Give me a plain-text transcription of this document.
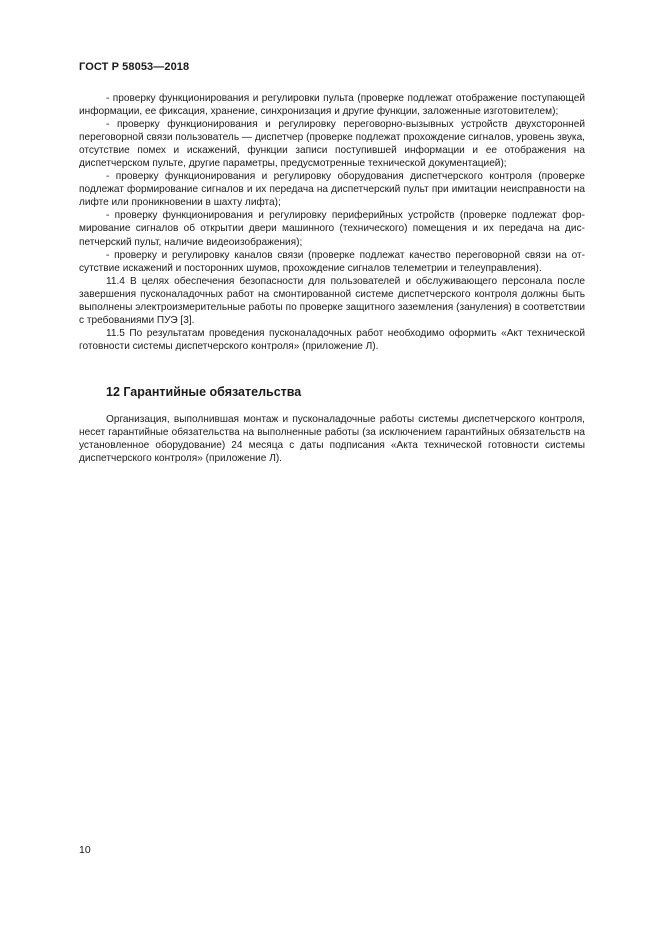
ГОСТ Р 58053—2018

- проверку функционирования и регулировки пульта (проверке подлежат отображение поступающей информации, ее фиксация, хранение, синхронизация и другие функции, заложенные изготовителем);

- проверку функционирования и регулировку переговорно-вызывных устройств двухсторонней переговорной связи пользователь — диспетчер (проверке подлежат прохождение сигналов, уровень звука, отсутствие помех и искажений, функции записи поступившей информации и ее отображения на диспетчерском пульте, другие параметры, предусмотренные технической документацией);

- проверку функционирования и регулировку оборудования диспетчерского контроля (проверке подлежат формирование сигналов и их передача на диспетчерский пульт при имитации неисправности на лифте или проникновении в шахту лифта);

- проверку функционирования и регулировку периферийных устройств (проверке подлежат формирование сигналов об открытии двери машинного (технического) помещения и их передача на диспетчерский пульт, наличие видеоизображения);

- проверку и регулировку каналов связи (проверке подлежат качество переговорной связи на отсутствие искажений и посторонних шумов, прохождение сигналов телеметрии и телеуправления).

11.4 В целях обеспечения безопасности для пользователей и обслуживающего персонала после завершения пусконаладочных работ на смонтированной системе диспетчерского контроля должны быть выполнены электроизмерительные работы по проверке защитного заземления (зануления) в соответствии с требованиями ПУЭ [3].

11.5 По результатам проведения пусконаладочных работ необходимо оформить «Акт технической готовности системы диспетчерского контроля» (приложение Л).

12 Гарантийные обязательства

Организация, выполнившая монтаж и пусконаладочные работы системы диспетчерского контроля, несет гарантийные обязательства на выполненные работы (за исключением гарантийных обязательств на установленное оборудование) 24 месяца с даты подписания «Акта технической готовности системы диспетчерского контроля» (приложение Л).

10
